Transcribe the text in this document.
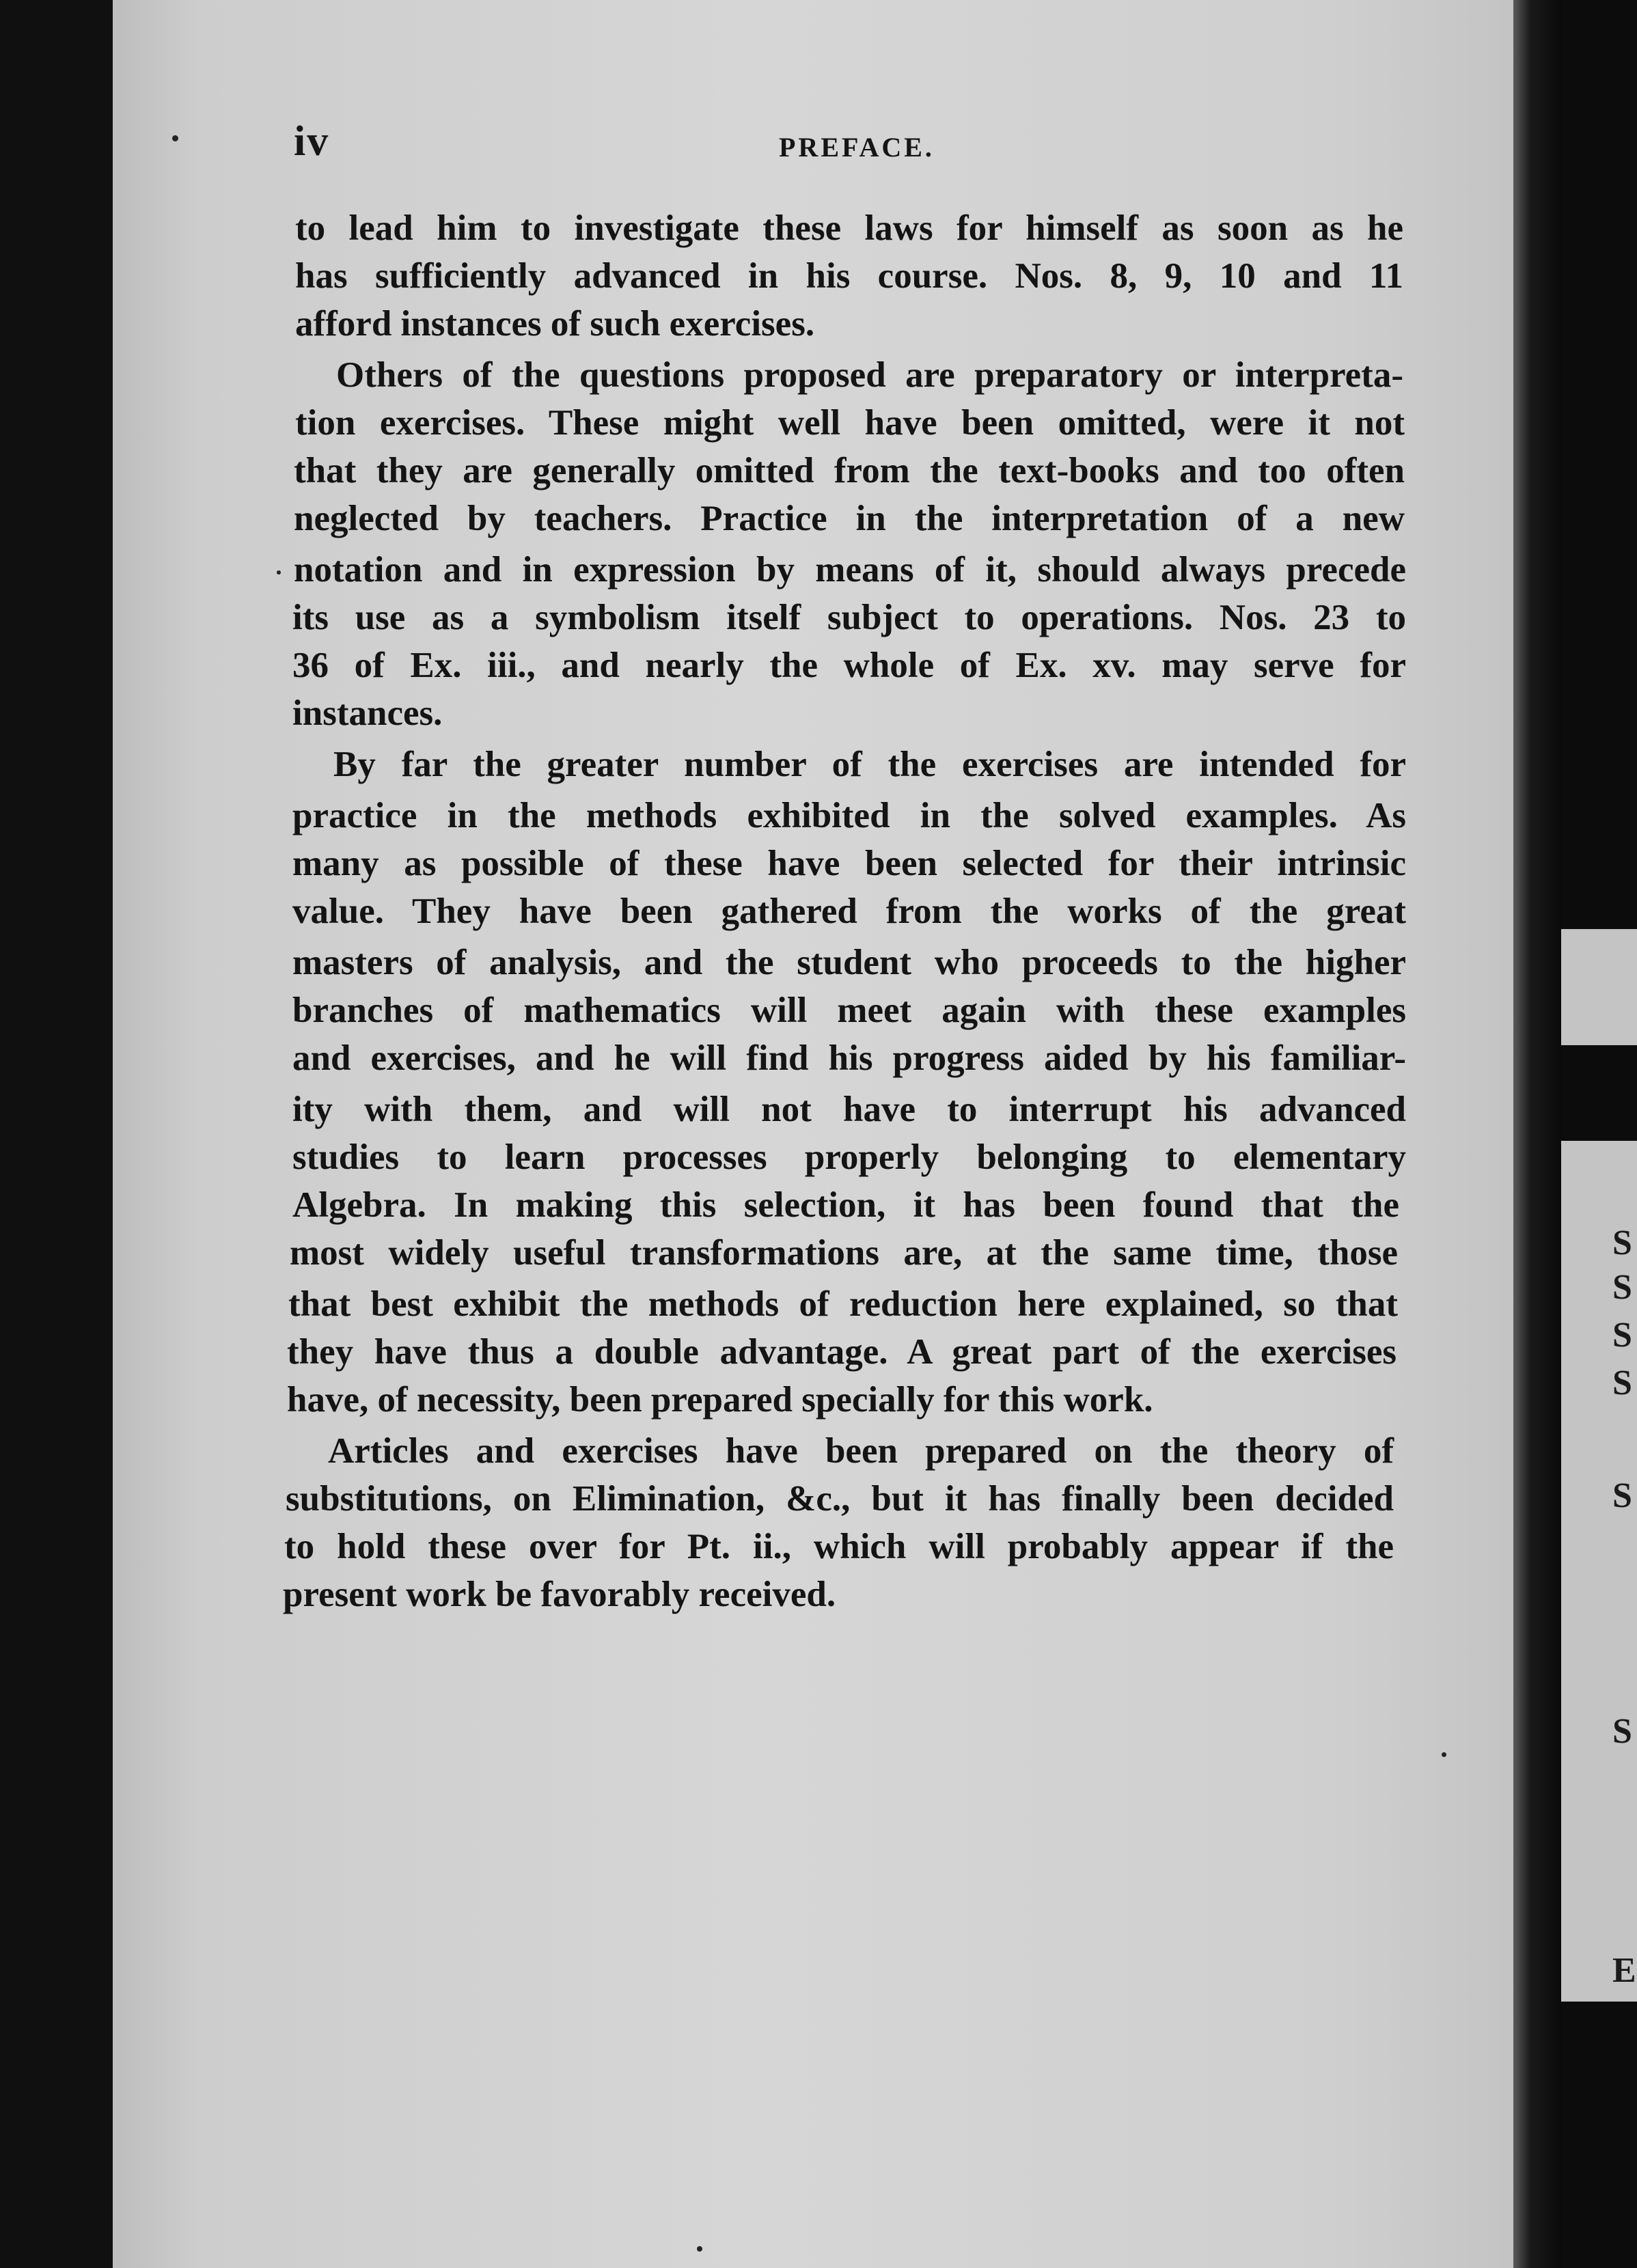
S
S
S
S
S
S
E
iv	PREFACE.
to lead him to investigate these laws for himself as soon as he
has sufficiently advanced in his course. Nos. 8, 9, 10 and 11
afford instances of such exercises.
Others of the questions proposed are preparatory or interpreta-
tion exercises. These might well have been omitted, were it not
that they are generally omitted from the text-books and too often
neglected by teachers. Practice in the interpretation of a new
notation and in expression by means of it, should always precede
its use as a symbolism itself subject to operations. Nos. 23 to
36 of Ex. iii., and nearly the whole of Ex. xv. may serve for
instances.
By far the greater number of the exercises are intended for
practice in the methods exhibited in the solved examples. As
many as possible of these have been selected for their intrinsic
value. They have been gathered from the works of the great
masters of analysis, and the student who proceeds to the higher
branches of mathematics will meet again with these examples
and exercises, and he will find his progress aided by his familiar-
ity with them, and will not have to interrupt his advanced
studies to learn processes properly belonging to elementary
Algebra. In making this selection, it has been found that the
most widely useful transformations are, at the same time, those
that best exhibit the methods of reduction here explained, so that
they have thus a double advantage. A great part of the exercises
have, of necessity, been prepared specially for this work.
Articles and exercises have been prepared on the theory of
substitutions, on Elimination, &c., but it has finally been decided
to hold these over for Pt. ii., which will probably appear if the
present work be favorably received.
